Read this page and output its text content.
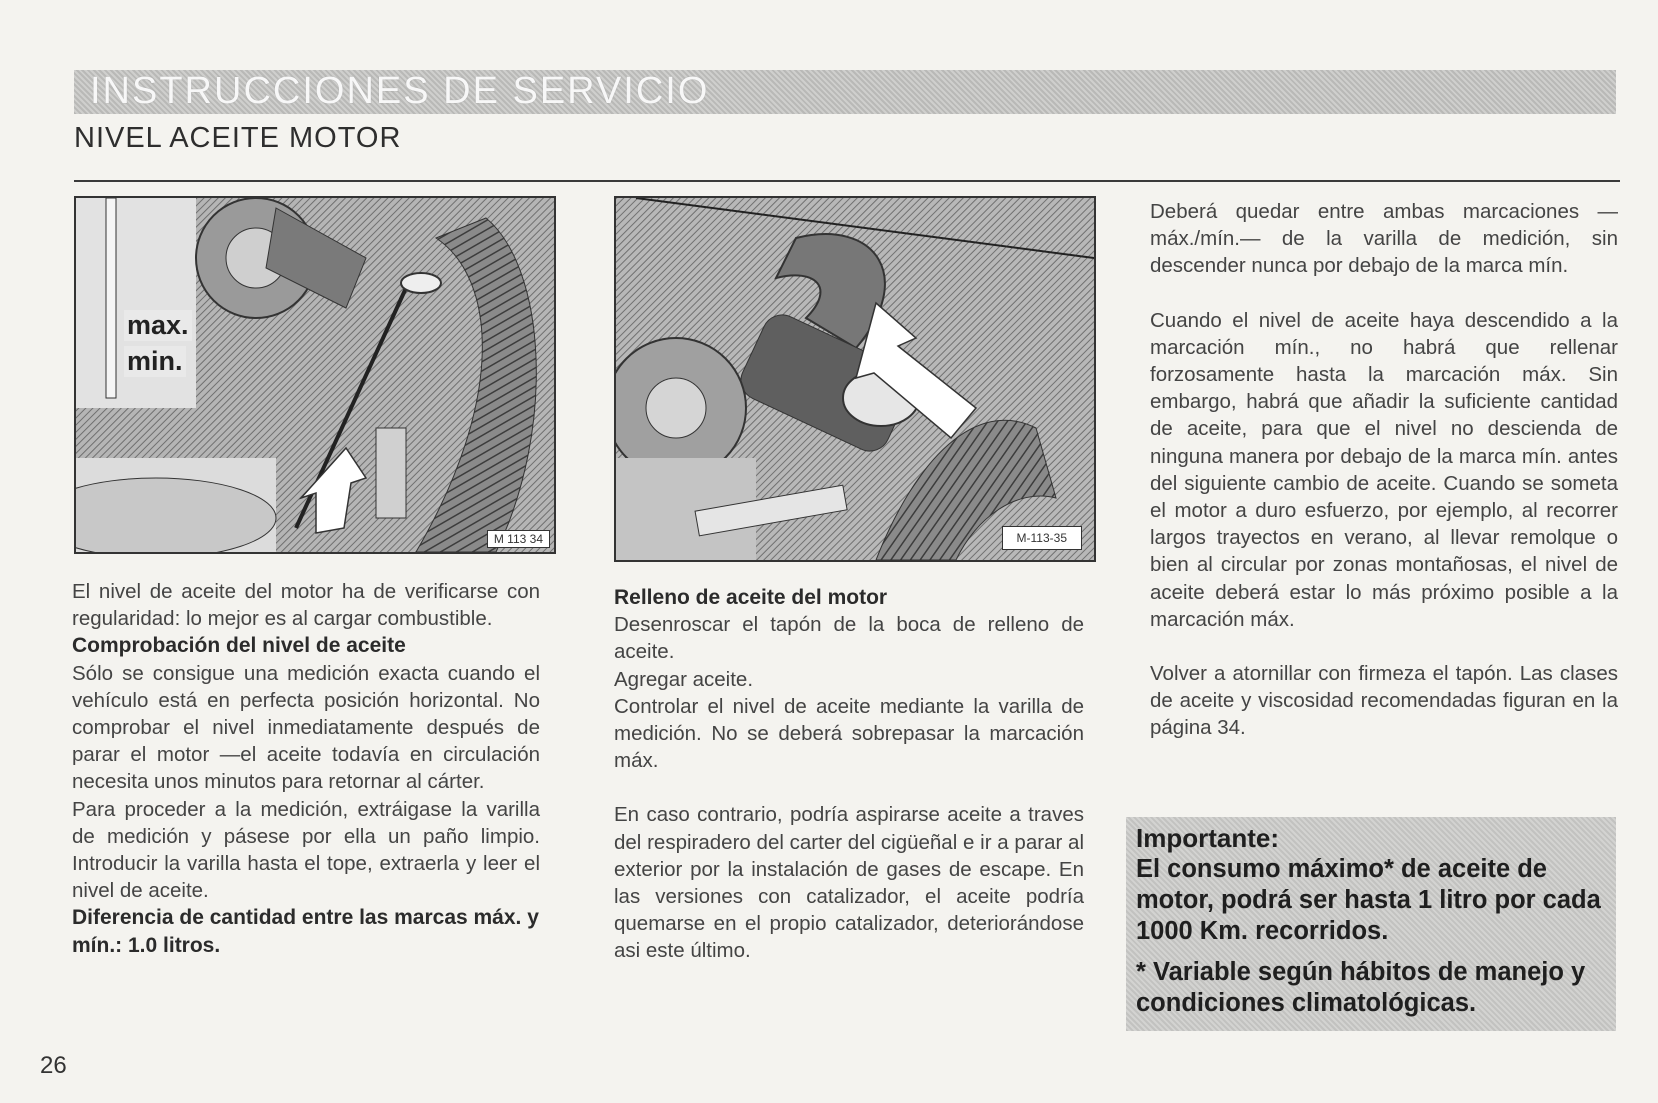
INSTRUCCIONES DE SERVICIO
NIVEL ACEITE MOTOR
max.
min.
M 113 34	M-113-35

El nivel de aceite del motor ha de verificarse con regularidad: lo mejor es al cargar combustible.

Comprobación del nivel de aceite

Sólo se consigue una medición exacta cuando el vehículo está en perfecta posición horizontal. No comprobar el nivel inmediatamente después de parar el motor —el aceite todavía en circulación necesita unos minutos para retornar al cárter.

Para proceder a la medición, extráigase la varilla de medición y pásese por ella un paño limpio. Introducir la varilla hasta el tope, extraerla y leer el nivel de aceite.

Diferencia de cantidad entre las marcas máx. y mín.: 1.0 litros.

Relleno de aceite del motor

Desenroscar el tapón de la boca de relleno de aceite.

Agregar aceite.

Controlar el nivel de aceite mediante la varilla de medición. No se deberá sobrepasar la marcación máx.

En caso contrario, podría aspirarse aceite a traves del respiradero del carter del cigüeñal e ir a parar al exterior por la instalación de gases de escape. En las versiones con catalizador, el aceite podría quemarse en el propio catalizador, deteriorándose asi este último.

Deberá quedar entre ambas marcaciones —máx./mín.— de la varilla de medición, sin descender nunca por debajo de la marca mín.

Cuando el nivel de aceite haya descendido a la marcación mín., no habrá que rellenar forzosamente hasta la marcación máx. Sin embargo, habrá que añadir la suficiente cantidad de aceite, para que el nivel no descienda de ninguna manera por debajo de la marca mín. antes del siguiente cambio de aceite. Cuando se someta el motor a duro esfuerzo, por ejemplo, al recorrer largos trayectos en verano, al llevar remolque o bien al circular por zonas montañosas, el nivel de aceite deberá estar lo más próximo posible a la marcación máx.

Volver a atornillar con firmeza el tapón. Las clases de aceite y viscosidad recomendadas figuran en la página 34.

Importante:

El consumo máximo* de aceite de motor, podrá ser hasta 1 litro por cada 1000 Km. recorridos.

* Variable según hábitos de manejo y condiciones climatológicas.

26
